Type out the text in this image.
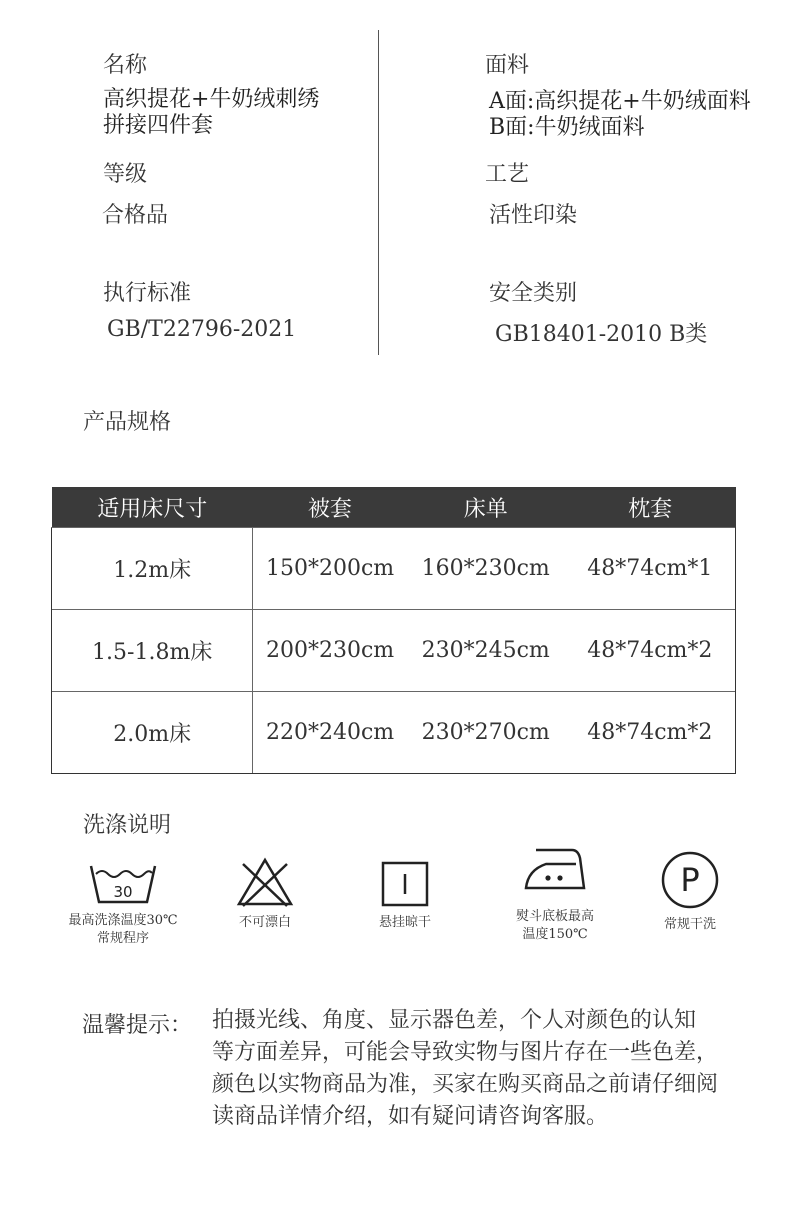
名称
高织提花+牛奶绒刺绣
拼接四件套
面料
A面:高织提花+牛奶绒面料
B面:牛奶绒面料
等级
合格品
工艺
活性印染
执行标准
GB/T22796-2021
安全类别
GB18401-2010 B类
产品规格
适用床尺寸	被套	床单	枕套
1.2m床	150*200cm	160*230cm	48*74cm*1
1.5-1.8m床	200*230cm	230*245cm	48*74cm*2
2.0m床	220*240cm	230*270cm	48*74cm*2
洗涤说明
30
最高洗涤温度30℃
常规程序
不可漂白	悬挂晾干	熨斗底板最高
温度150℃
P
常规干洗
温馨提示： 拍摄光线、角度、显示器色差，个人对颜色的认知
等方面差异，可能会导致实物与图片存在一些色差，
颜色以实物商品为准，买家在购买商品之前请仔细阅
读商品详情介绍，如有疑问请咨询客服。
